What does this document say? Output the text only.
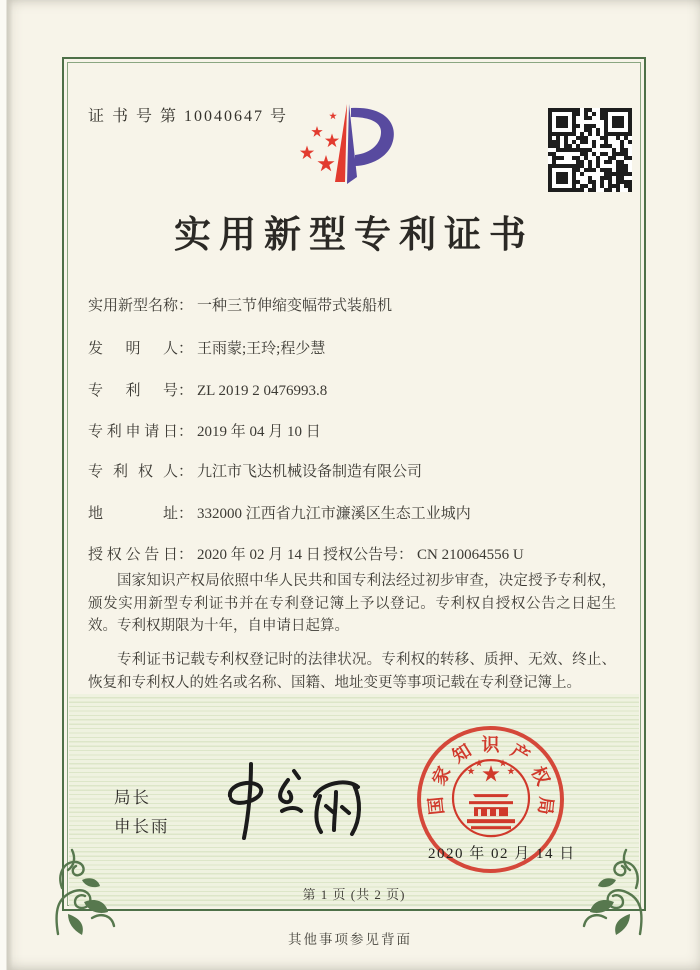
证 书 号 第 10040647 号
实用新型专利证书
实用新型名称： 一种三节伸缩变幅带式装船机
发明人： 王雨蒙;王玲;程少慧
专利号： ZL 2019 2 0476993.8
专利申请日： 2019 年 04 月 10 日
专利权人： 九江市飞达机械设备制造有限公司
地址： 332000 江西省九江市濂溪区生态工业城内
授权公告日： 2020 年 02 月 14 日 授权公告号： CN 210064556 U
国家知识产权局依照中华人民共和国专利法经过初步审查，决定授予专利权，颁发实用新型专利证书并在专利登记簿上予以登记。专利权自授权公告之日起生效。专利权期限为十年，自申请日起算。
专利证书记载专利权登记时的法律状况。专利权的转移、质押、无效、终止、恢复和专利权人的姓名或名称、国籍、地址变更等事项记载在专利登记簿上。
局长
申长雨
国
家
知 识 产
权
局
2020 年 02 月 14 日
第 1 页 (共 2 页)
其他事项参见背面
